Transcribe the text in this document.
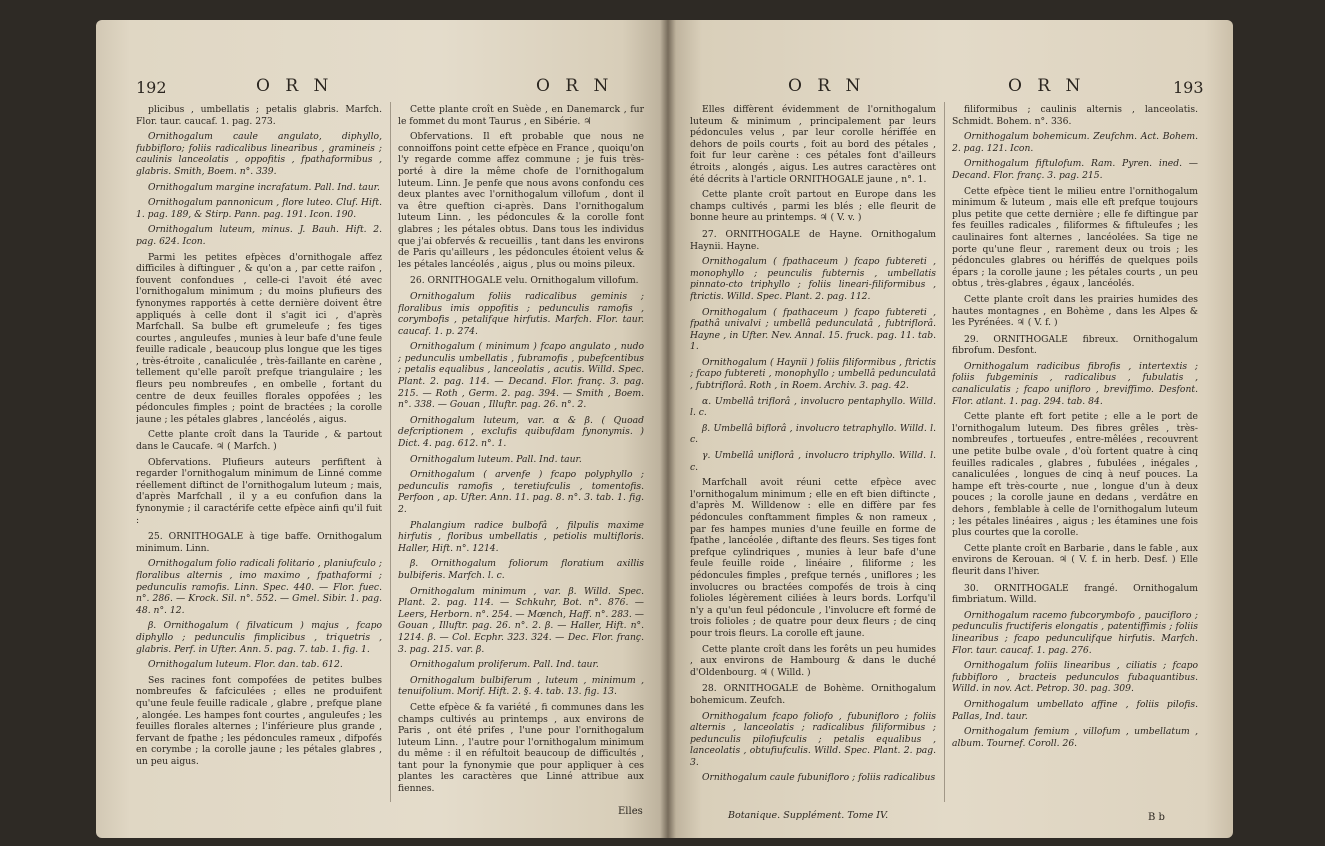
192	O R N	O R N

plicibus , umbellatis ; petalis glabris. Marfch. Flor. taur. caucaf. 1. pag. 273.

Ornithogalum caule angulato, diphyllo, fubbifloro; foliis radicalibus linearibus , gramineis ; caulinis lanceolatis , oppofitis , fpathaformibus , glabris. Smith, Boem. n°. 339.

Ornithogalum margine incrafatum. Pall. Ind. taur.

Ornithogalum pannonicum , flore luteo. Cluf. Hift. 1. pag. 189, & Stirp. Pann. pag. 191. Icon. 190.

Ornithogalum luteum, minus. J. Bauh. Hift. 2. pag. 624. Icon.

Parmi les petites efpèces d'ornithogale affez difficiles à diftinguer , & qu'on a , par cette raifon , fouvent confondues , celle-ci l'avoit été avec l'ornithogalum minimum ; du moins plufieurs des fynonymes rapportés à cette dernière doivent être appliqués à celle dont il s'agit ici , d'après Marfchall. Sa bulbe eft grumeleufe ; fes tiges courtes , anguleufes , munies à leur bafe d'une feule feuille radicale , beaucoup plus longue que les tiges , très-étroite , canaliculée , très-faillante en carène , tellement qu'elle paroît prefque triangulaire ; les fleurs peu nombreufes , en ombelle , fortant du centre de deux feuilles florales oppofées ; les pédoncules fimples ; point de bractées ; la corolle jaune ; les pétales glabres , lancéolés , aigus.

Cette plante croît dans la Tauride , & partout dans le Caucafe. ♃ ( Marfch. )

Obfervations. Plufieurs auteurs perfiftent à regarder l'ornithogalum minimum de Linné comme réellement diftinct de l'ornithogalum luteum ; mais, d'après Marfchall , il y a eu confufion dans la fynonymie ; il caractérife cette efpèce ainfi qu'il fuit :

25. ORNITHOGALE à tige baffe. Ornithogalum minimum. Linn.

Ornithogalum folio radicali folitario , planiufculo ; floralibus alternis , imo maximo , fpathaformi ; pedunculis ramofis. Linn. Spec. 440. — Flor. fuec. n°. 286. — Krock. Sil. n°. 552. — Gmel. Sibir. 1. pag. 48. n°. 12.

β. Ornithogalum ( filvaticum ) majus , fcapo diphyllo ; pedunculis fimplicibus , triquetris , glabris. Perf. in Ufter. Ann. 5. pag. 7. tab. 1. fig. 1.

Ornithogalum luteum. Flor. dan. tab. 612.

Ses racines font compofées de petites bulbes nombreufes & fafciculées ; elles ne produifent qu'une feule feuille radicale , glabre , prefque plane , alongée. Les hampes font courtes , anguleufes ; les feuilles florales alternes ; l'inférieure plus grande , fervant de fpathe ; les pédoncules rameux , difpofés en corymbe ; la corolle jaune ; les pétales glabres , un peu aigus.

Cette plante croît en Suède , en Danemarck , fur le fommet du mont Taurus , en Sibérie. ♃

Obfervations. Il eft probable que nous ne connoiffons point cette efpèce en France , quoiqu'on l'y regarde comme affez commune ; je fuis très-porté à dire la même chofe de l'ornithogalum luteum. Linn. Je penfe que nous avons confondu ces deux plantes avec l'ornithogalum villofum , dont il va être queftion ci-après. Dans l'ornithogalum luteum Linn. , les pédoncules & la corolle font glabres ; les pétales obtus. Dans tous les individus que j'ai obfervés & recueillis , tant dans les environs de Paris qu'ailleurs , les pédoncules étoient velus & les pétales lancéolés , aigus , plus ou moins pileux.

26. ORNITHOGALE velu. Ornithogalum villofum.

Ornithogalum foliis radicalibus geminis ; floralibus imis oppofitis ; pedunculis ramofis , corymbofis , petalifque hirfutis. Marfch. Flor. taur. caucaf. 1. p. 274.

Ornithogalum ( minimum ) fcapo angulato , nudo ; pedunculis umbellatis , fubramofis , pubefcentibus ; petalis equalibus , lanceolatis , acutis. Willd. Spec. Plant. 2. pag. 114. — Decand. Flor. franç. 3. pag. 215. — Roth , Germ. 2. pag. 394. — Smith , Boem. n°. 338. — Gouan , Illuftr. pag. 26. n°. 2.

Ornithogalum luteum, var. α & β. ( Quoad defcriptionem , exclufis quibufdam fynonymis. ) Dict. 4. pag. 612. n°. 1.

Ornithogalum luteum. Pall. Ind. taur.

Ornithogalum ( arvenfe ) fcapo polyphyllo ; pedunculis ramofis , teretiufculis , tomentofis. Perfoon , ap. Ufter. Ann. 11. pag. 8. n°. 3. tab. 1. fig. 2.

Phalangium radice bulbofâ , filpulis maxime hirfutis , floribus umbellatis , petiolis multifloris. Haller, Hift. n°. 1214.

β. Ornithogalum foliorum floratium axillis bulbiferis. Marfch. l. c.

Ornithogalum minimum , var. β. Willd. Spec. Plant. 2. pag. 114. — Schkuhr, Bot. n°. 876. — Leers, Herborn. n°. 254. — Mœnch, Haff. n°. 283. — Gouan , Illuftr. pag. 26. n°. 2. β. — Haller, Hift. n°. 1214. β. — Col. Ecphr. 323. 324. — Dec. Flor. franç. 3. pag. 215. var. β.

Ornithogalum proliferum. Pall. Ind. taur.

Ornithogalum bulbiferum , luteum , minimum , tenuifolium. Morif. Hift. 2. §. 4. tab. 13. fig. 13.

Cette efpèce & fa variété , fi communes dans les champs cultivés au printemps , aux environs de Paris , ont été prifes , l'une pour l'ornithogalum luteum Linn. , l'autre pour l'ornithogalum minimum du même : il en réfultoit beaucoup de difficultés , tant pour la fynonymie que pour appliquer à ces plantes les caractères que Linné attribue aux fiennes.

Elles
O R N	O R N	193

Elles diffèrent évidemment de l'ornithogalum luteum & minimum , principalement par leurs pédoncules velus , par leur corolle hériffée en dehors de poils courts , foit au bord des pétales , foit fur leur carène : ces pétales font d'ailleurs étroits , alongés , aigus. Les autres caractères ont été décrits à l'article ORNITHOGALE jaune , n°. 1.

Cette plante croît partout en Europe dans les champs cultivés , parmi les blés ; elle fleurit de bonne heure au printemps. ♃ ( V. v. )

27. ORNITHOGALE de Hayne. Ornithogalum Haynii. Hayne.

Ornithogalum ( fpathaceum ) fcapo fubtereti , monophyllo ; peunculis fubternis , umbellatis pinnato-cto triphyllo ; foliis lineari-filiformibus , ftrictis. Willd. Spec. Plant. 2. pag. 112.

Ornithogalum ( fpathaceum ) fcapo fubtereti , fpathâ univalvi ; umbellâ pedunculatâ , fubtriflorâ. Hayne , in Ufter. Nev. Annal. 15. fruck. pag. 11. tab. 1.

Ornithogalum ( Haynii ) foliis filiformibus , ftrictis ; fcapo fubtereti , monophyllo ; umbellâ pedunculatâ , fubtriflorâ. Roth , in Roem. Archiv. 3. pag. 42.

α. Umbellâ triflorâ , involucro pentaphyllo. Willd. l. c.

β. Umbellâ biflorâ , involucro tetraphyllo. Willd. l. c.

γ. Umbellâ uniflorâ , involucro triphyllo. Willd. l. c.

Marfchall avoit réuni cette efpèce avec l'ornithogalum minimum ; elle en eft bien diftincte , d'après M. Willdenow : elle en diffère par fes pédoncules conftamment fimples & non rameux , par fes hampes munies d'une feuille en forme de fpathe , lancéolée , diftante des fleurs. Ses tiges font prefque cylindriques , munies à leur bafe d'une feule feuille roide , linéaire , filiforme ; les pédoncules fimples , prefque ternés , uniflores ; les involucres ou bractées compofés de trois à cinq folioles légèrement ciliées à leurs bords. Lorfqu'il n'y a qu'un feul pédoncule , l'involucre eft formé de trois folioles ; de quatre pour deux fleurs ; de cinq pour trois fleurs. La corolle eft jaune.

Cette plante croît dans les forêts un peu humides , aux environs de Hambourg & dans le duché d'Oldenbourg. ♃ ( Willd. )

28. ORNITHOGALE de Bohème. Ornithogalum bohemicum. Zeufch.

Ornithogalum fcapo foliofo , fubunifloro ; foliis alternis , lanceolatis ; radicalibus filiformibus ; pedunculis pilofiufculis ; petalis equalibus , lanceolatis , obtufiufculis. Willd. Spec. Plant. 2. pag. 3.

Ornithogalum caule fubunifloro ; foliis radicalibus

filiformibus ; caulinis alternis , lanceolatis. Schmidt. Bohem. n°. 336.

Ornithogalum bohemicum. Zeufchm. Act. Bohem. 2. pag. 121. Icon.

Ornithogalum fiftulofum. Ram. Pyren. ined. — Decand. Flor. franç. 3. pag. 215.

Cette efpèce tient le milieu entre l'ornithogalum minimum & luteum , mais elle eft prefque toujours plus petite que cette dernière ; elle fe diftingue par fes feuilles radicales , filiformes & fiftuleufes ; les caulinaires font alternes , lancéolées. Sa tige ne porte qu'une fleur , rarement deux ou trois ; les pédoncules glabres ou hériffés de quelques poils épars ; la corolle jaune ; les pétales courts , un peu obtus , très-glabres , égaux , lancéolés.

Cette plante croît dans les prairies humides des hautes montagnes , en Bohème , dans les Alpes & les Pyrénées. ♃ ( V. f. )

29. ORNITHOGALE fibreux. Ornithogalum fibrofum. Desfont.

Ornithogalum radicibus fibrofis , intertextis ; foliis fubgeminis , radicalibus , fubulatis , canaliculatis ; fcapo unifloro , breviffimo. Desfont. Flor. atlant. 1. pag. 294. tab. 84.

Cette plante eft fort petite ; elle a le port de l'ornithogalum luteum. Des fibres grêles , très-nombreufes , tortueufes , entre-mêlées , recouvrent une petite bulbe ovale , d'où fortent quatre à cinq feuilles radicales , glabres , fubulées , inégales , canaliculées , longues de cinq à neuf pouces. La hampe eft très-courte , nue , longue d'un à deux pouces ; la corolle jaune en dedans , verdâtre en dehors , femblable à celle de l'ornithogalum luteum ; les pétales linéaires , aigus ; les étamines une fois plus courtes que la corolle.

Cette plante croît en Barbarie , dans le fable , aux environs de Kerouan. ♃ ( V. f. in herb. Desf. ) Elle fleurit dans l'hiver.

30. ORNITHOGALE frangé. Ornithogalum fimbriatum. Willd.

Ornithogalum racemo fubcorymbofo , paucifloro ; pedunculis fructiferis elongatis , patentiffimis ; foliis linearibus ; fcapo pedunculifque hirfutis. Marfch. Flor. taur. caucaf. 1. pag. 276.

Ornithogalum foliis linearibus , ciliatis ; fcapo fubbifloro , bracteis pedunculos fubaquantibus. Willd. in nov. Act. Petrop. 30. pag. 309.

Ornithogalum umbellato affine , foliis pilofis. Pallas, Ind. taur.

Ornithogalum femium , villofum , umbellatum , album. Tournef. Coroll. 26.

Botanique. Supplément. Tome IV.	B b
